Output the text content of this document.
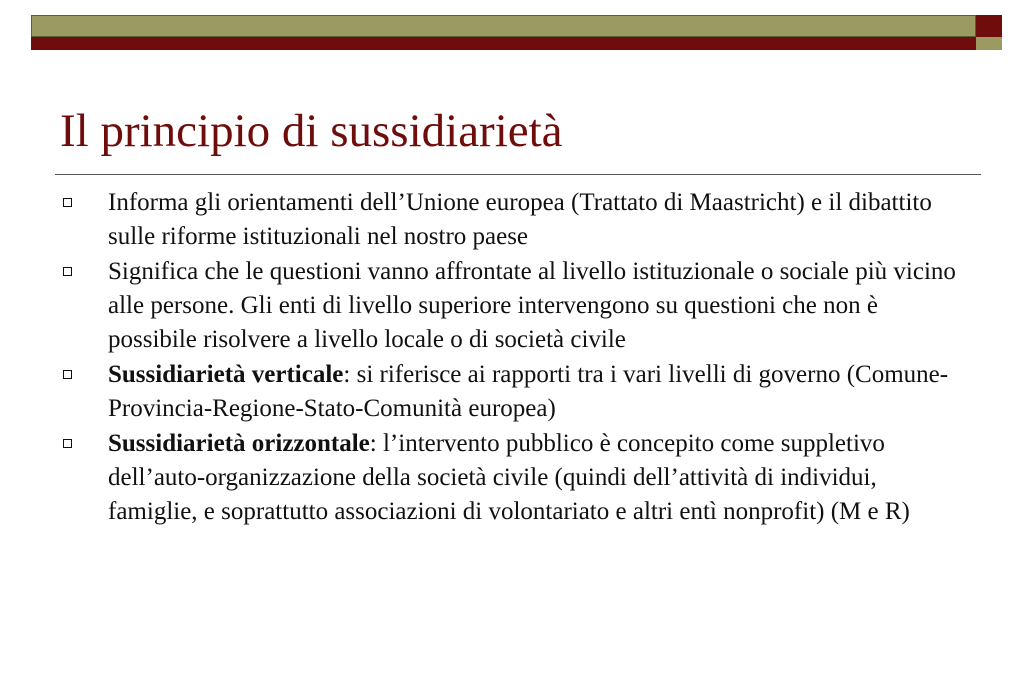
Il principio di sussidiarietà
Informa gli orientamenti dell’Unione europea (Trattato di Maastricht) e il dibattito sulle riforme istituzionali nel nostro paese
Significa che le questioni vanno affrontate al livello istituzionale o sociale più vicino alle persone. Gli enti di livello superiore intervengono su questioni che non è possibile risolvere a livello locale o di società civile
Sussidiarietà verticale: si riferisce ai rapporti tra i vari livelli di governo (Comune-Provincia-Regione-Stato-Comunità europea)
Sussidiarietà orizzontale: l’intervento pubblico è concepito come suppletivo dell’auto-organizzazione della società civile (quindi dell’attività di individui, famiglie, e soprattutto associazioni di volontariato e altri entì nonprofit) (M e R)
